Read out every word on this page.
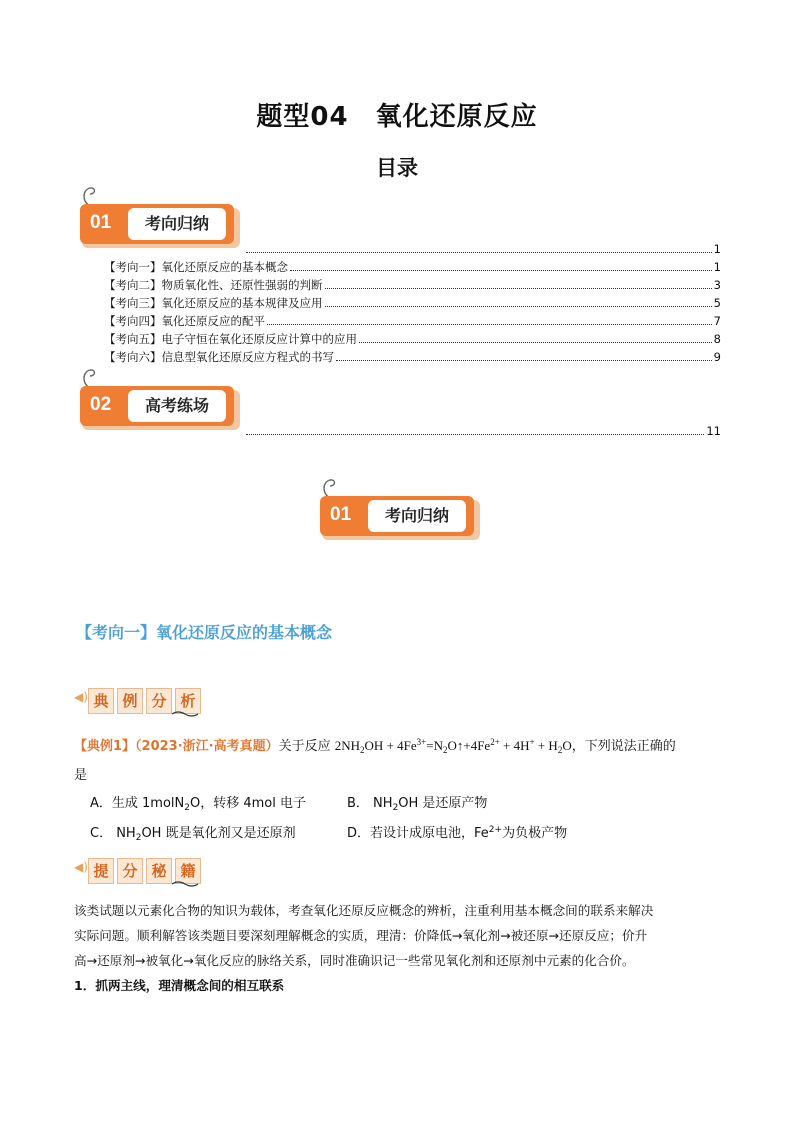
题型04　氧化还原反应
目录
01	考向归纳
1
【考向一】氧化还原反应的基本概念	1
【考向二】物质氧化性、还原性强弱的判断	3
【考向三】氧化还原反应的基本规律及应用	5
【考向四】氧化还原反应的配平	7
【考向五】电子守恒在氧化还原反应计算中的应用	8
【考向六】信息型氧化还原反应方程式的书写	9
02	高考练场
11
01	考向归纳
【考向一】氧化还原反应的基本概念
◀) 典 例 分 析
【典例1】（2023·浙江·高考真题）关于反应 $2NH_2OH$ + $4Fe^{3+}=N_2O↑+4Fe^{2+} + 4H^+ + H_2O$，下列说法正确的
是
A．生成 1molN$_2$O，转移 4mol 电子	B． $NH_2OH$ 是还原产物
C． $NH_2OH$ 既是氧化剂又是还原剂	D．若设计成原电池，$Fe^{2+}$为负极产物
◀) 提 分 秘 籍
该类试题以元素化合物的知识为载体，考查氧化还原反应概念的辨析，注重利用基本概念间的联系来解决
实际问题。顺利解答该类题目要深刻理解概念的实质，理清：价降低→氧化剂→被还原→还原反应；价升
高→还原剂→被氧化→氧化反应的脉络关系，同时准确识记一些常见氧化剂和还原剂中元素的化合价。
1．抓两主线，理清概念间的相互联系
